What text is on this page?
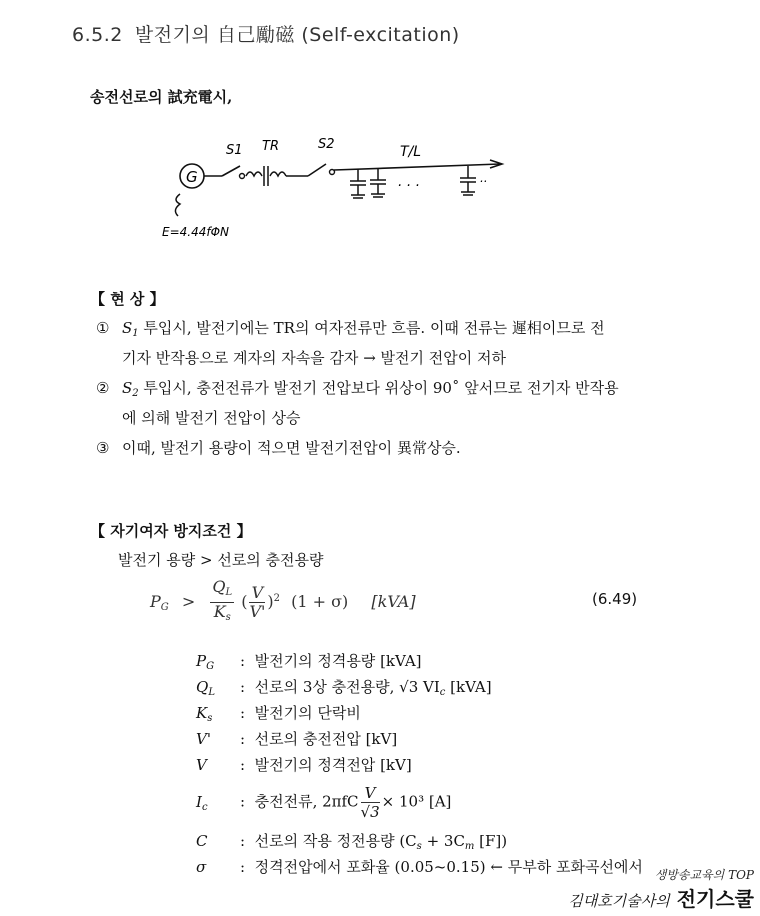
6.5.2 발전기의 自己勵磁 (Self-excitation)
송전선로의 試充電시,
G
S1 TR	S2	T/L
. . .	..
E=4.44fΦN
【 현 상 】
① $S_1$ 투입시, 발전기에는 TR의 여자전류만 흐름. 이때 전류는 遲相이므로 전
기자 반작용으로 계자의 자속을 감자 → 발전기 전압이 저하
② $S_2$ 투입시, 충전전류가 발전기 전압보다 위상이 90˚ 앞서므로 전기자 반작용
에 의해 발전기 전압이 상승
③ 이때, 발전기 용량이 적으면 발전기전압이 異常상승.
【 자기여자 방지조건 】
발전기 용량 > 선로의 충전용량
$P_G > \frac{Q_L}{K_s}$ ( $\frac{V}{V'} )^2$ (1 + σ) [kVA]	(6.49)
$P_G$ : 발전기의 정격용량 [kVA]
$Q_L$ : 선로의 3상 충전용량, √3 $VI_c$ [kVA]
$K_s$ : 발전기의 단락비
V' : 선로의 충전전압 [kV]
V : 발전기의 정격전압 [kV]
$I_c$ : 충전전류, $2\pi fC \frac{V}{√3} \times 10^3$ [A]
C : 선로의 작용 정전용량 ($C_s + 3C_m$ [F])
σ : 정격전압에서 포화율 (0.05~0.15) ← 무부하 포화곡선에서 생방송교육의 TOP
김대호기술사의 전기스쿨
